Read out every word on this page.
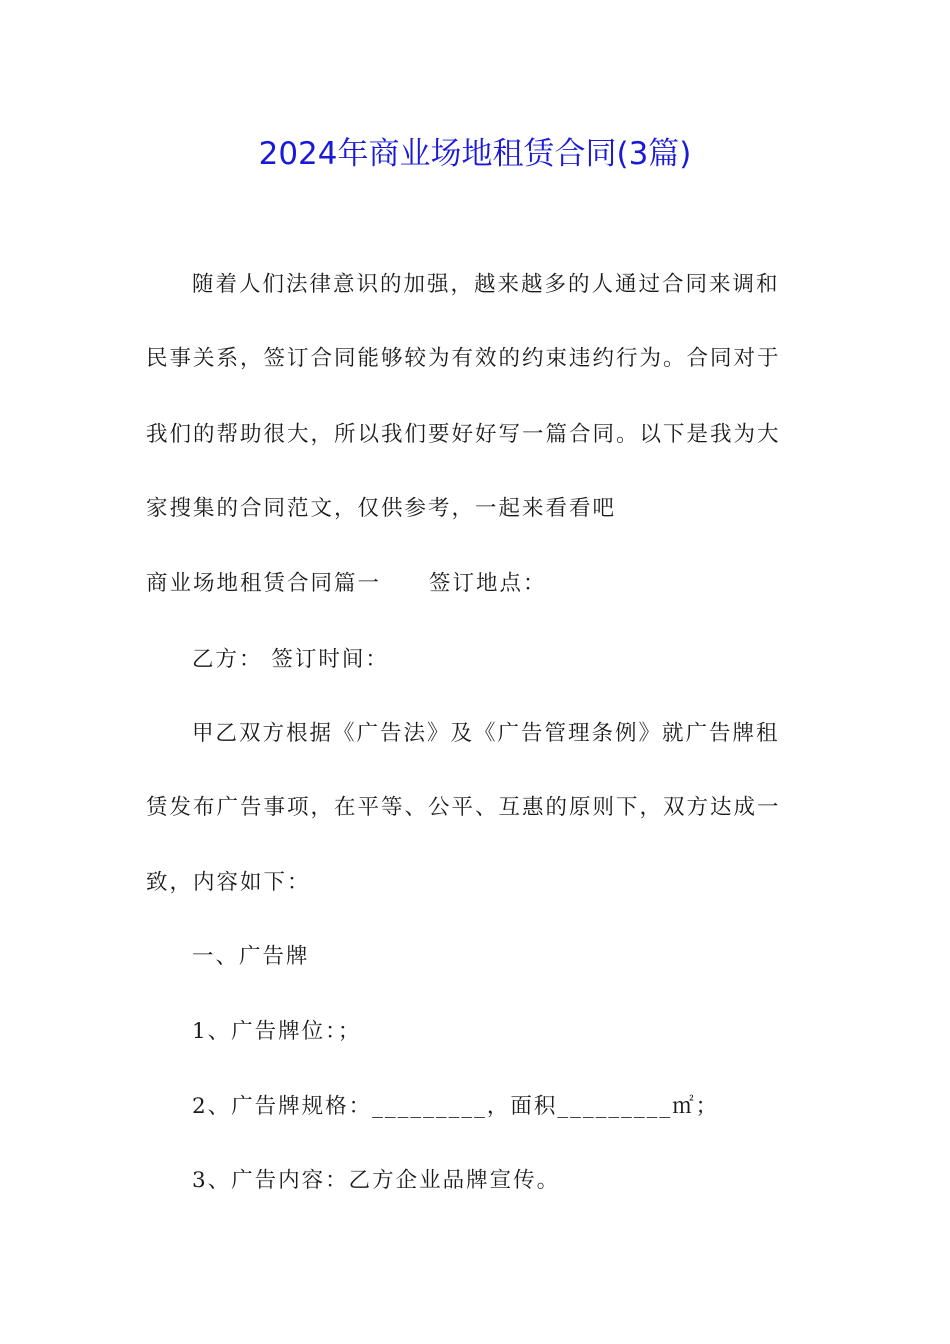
2024年商业场地租赁合同(3篇)
随着人们法律意识的加强，越来越多的人通过合同来调和
民事关系，签订合同能够较为有效的约束违约行为。合同对于
我们的帮助很大，所以我们要好好写一篇合同。以下是我为大
家搜集的合同范文，仅供参考，一起来看看吧
商业场地租赁合同篇一 签订地点：
乙方： 签订时间：
甲乙双方根据《广告法》及《广告管理条例》就广告牌租
赁发布广告事项，在平等、公平、互惠的原则下，双方达成一
致，内容如下：
一、广告牌
1、广告牌位：；
2、广告牌规格：_________，面积_________㎡；
3、广告内容：乙方企业品牌宣传。
